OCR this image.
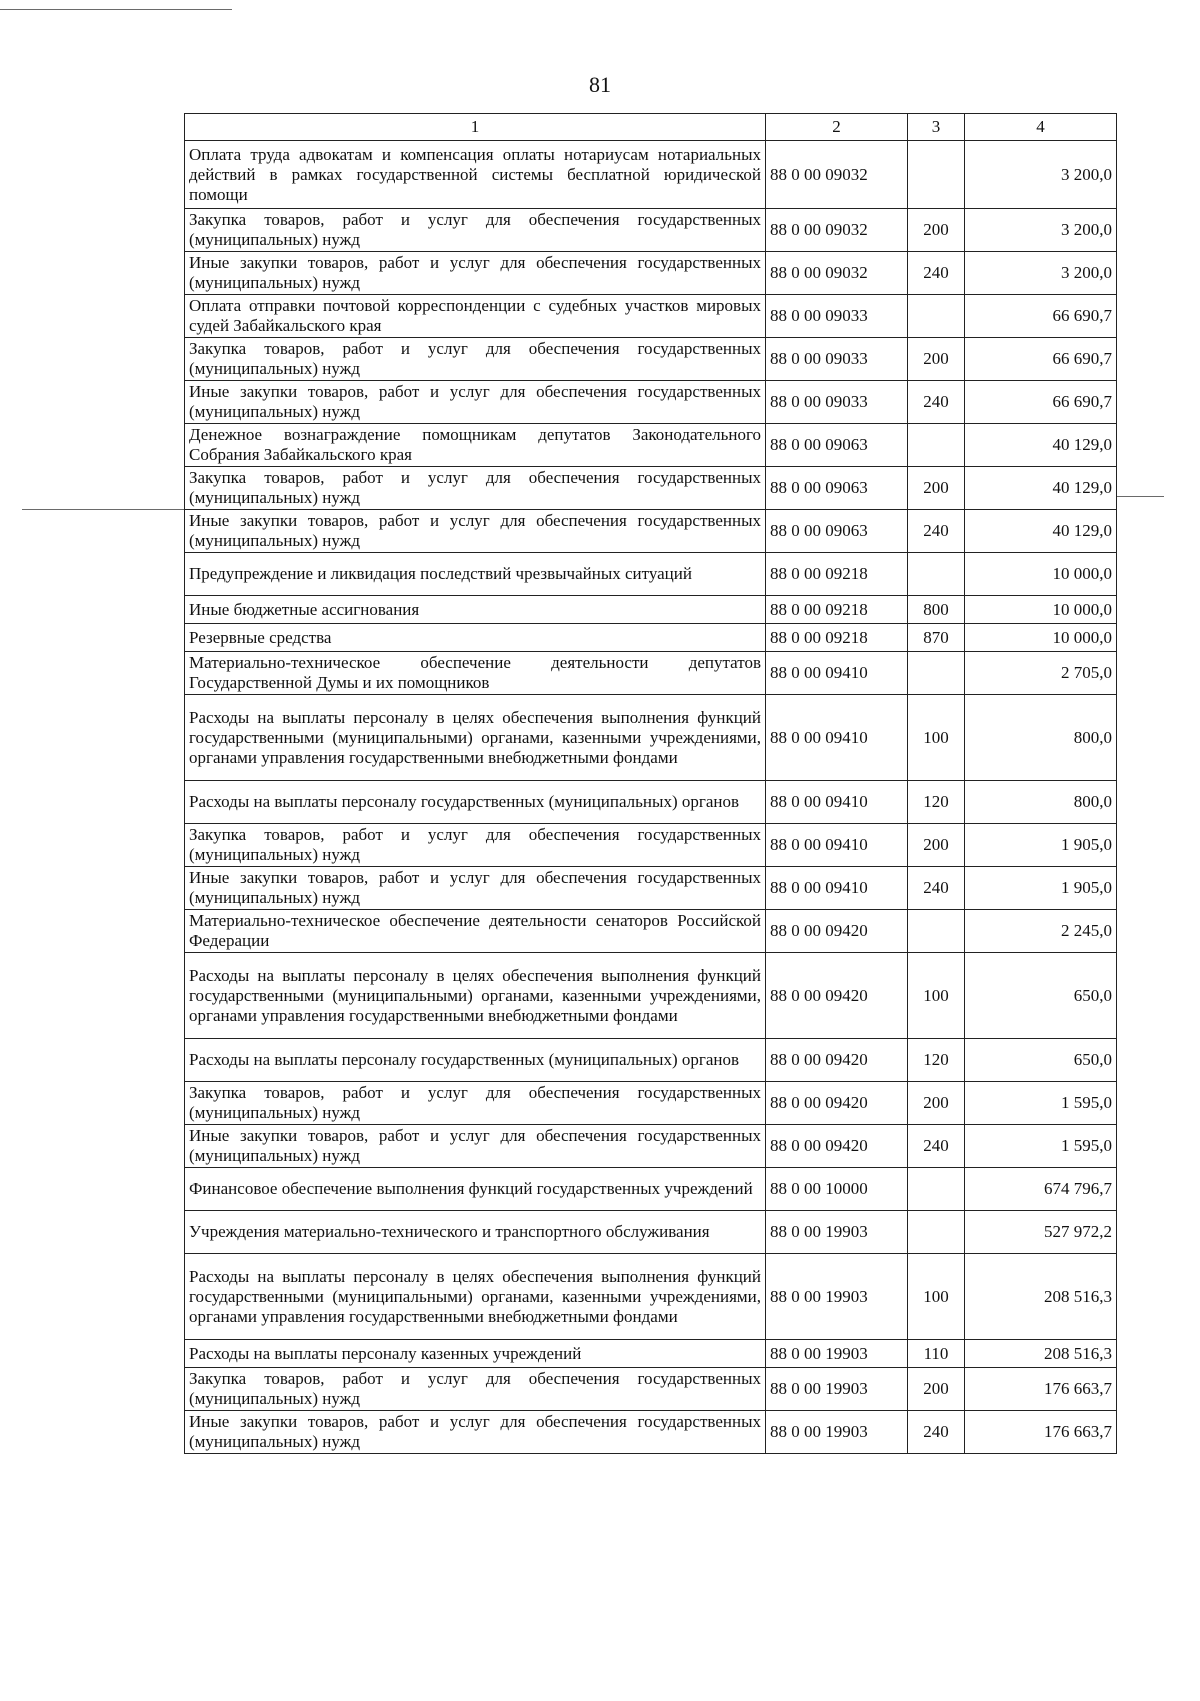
81
1	2	3	4
Оплата труда адвокатам и компенсация оплаты нотариусам нотариальных действий в рамках государственной системы бесплатной юридической помощи	88 0 00 09032		3 200,0
Закупка товаров, работ и услуг для обеспечения государственных (муниципальных) нужд	88 0 00 09032	200	3 200,0
Иные закупки товаров, работ и услуг для обеспечения государственных (муниципальных) нужд	88 0 00 09032	240	3 200,0
Оплата отправки почтовой корреспонденции с судебных участков мировых судей Забайкальского края	88 0 00 09033		66 690,7
Закупка товаров, работ и услуг для обеспечения государственных (муниципальных) нужд	88 0 00 09033	200	66 690,7
Иные закупки товаров, работ и услуг для обеспечения государственных (муниципальных) нужд	88 0 00 09033	240	66 690,7
Денежное вознаграждение помощникам депутатов Законодательного Собрания Забайкальского края	88 0 00 09063		40 129,0
Закупка товаров, работ и услуг для обеспечения государственных (муниципальных) нужд	88 0 00 09063	200	40 129,0
Иные закупки товаров, работ и услуг для обеспечения государственных (муниципальных) нужд	88 0 00 09063	240	40 129,0
Предупреждение и ликвидация последствий чрезвычайных ситуаций	88 0 00 09218		10 000,0
Иные бюджетные ассигнования	88 0 00 09218	800	10 000,0
Резервные средства	88 0 00 09218	870	10 000,0
Материально-техническое обеспечение деятельности депутатов Государственной Думы и их помощников	88 0 00 09410		2 705,0
Расходы на выплаты персоналу в целях обеспечения выполнения функций государственными (муниципальными) органами, казенными учреждениями, органами управления государственными внебюджетными фондами	88 0 00 09410	100	800,0
Расходы на выплаты персоналу государственных (муниципальных) органов	88 0 00 09410	120	800,0
Закупка товаров, работ и услуг для обеспечения государственных (муниципальных) нужд	88 0 00 09410	200	1 905,0
Иные закупки товаров, работ и услуг для обеспечения государственных (муниципальных) нужд	88 0 00 09410	240	1 905,0
Материально-техническое обеспечение деятельности сенаторов Российской Федерации	88 0 00 09420		2 245,0
Расходы на выплаты персоналу в целях обеспечения выполнения функций государственными (муниципальными) органами, казенными учреждениями, органами управления государственными внебюджетными фондами	88 0 00 09420	100	650,0
Расходы на выплаты персоналу государственных (муниципальных) органов	88 0 00 09420	120	650,0
Закупка товаров, работ и услуг для обеспечения государственных (муниципальных) нужд	88 0 00 09420	200	1 595,0
Иные закупки товаров, работ и услуг для обеспечения государственных (муниципальных) нужд	88 0 00 09420	240	1 595,0
Финансовое обеспечение выполнения функций государственных учреждений	88 0 00 10000		674 796,7
Учреждения материально-технического и транспортного обслуживания	88 0 00 19903		527 972,2
Расходы на выплаты персоналу в целях обеспечения выполнения функций государственными (муниципальными) органами, казенными учреждениями, органами управления государственными внебюджетными фондами	88 0 00 19903	100	208 516,3
Расходы на выплаты персоналу казенных учреждений	88 0 00 19903	110	208 516,3
Закупка товаров, работ и услуг для обеспечения государственных (муниципальных) нужд	88 0 00 19903	200	176 663,7
Иные закупки товаров, работ и услуг для обеспечения государственных (муниципальных) нужд	88 0 00 19903	240	176 663,7
